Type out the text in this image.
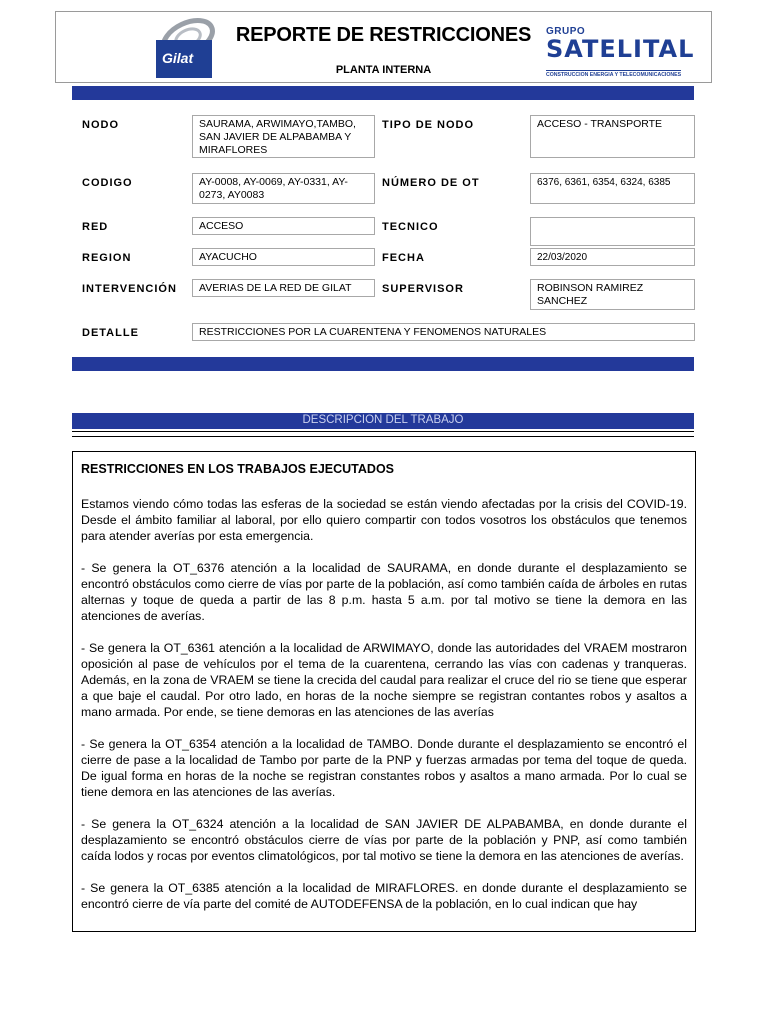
Gilat
REPORTE DE RESTRICCIONES
PLANTA INTERNA
GRUPO
SATELITAL
CONSTRUCCION ENERGIA Y TELECOMUNICACIONES
NODO	SAURAMA, ARWIMAYO,TAMBO, SAN JAVIER DE ALPABAMBA Y MIRAFLORES
TIPO DE NODO	ACCESO - TRANSPORTE
CODIGO	AY-0008, AY-0069, AY-0331, AY-0273, AY0083
NÚMERO DE OT	6376, 6361, 6354, 6324, 6385
RED	ACCESO	TECNICO
REGION	AYACUCHO	FECHA	22/03/2020
INTERVENCIÓN	AVERIAS DE LA RED DE GILAT	SUPERVISOR	ROBINSON RAMIREZ SANCHEZ
DETALLE	RESTRICCIONES POR LA CUARENTENA Y FENOMENOS NATURALES
DESCRIPCION DEL TRABAJO
RESTRICCIONES EN LOS TRABAJOS EJECUTADOS

Estamos viendo cómo todas las esferas de la sociedad se están viendo afectadas por la crisis del COVID-19. Desde el ámbito familiar al laboral, por ello quiero compartir con todos vosotros los obstáculos que tenemos para atender averías por esta emergencia.

- Se genera la OT_6376 atención a la localidad de SAURAMA, en donde durante el desplazamiento se encontró obstáculos como cierre de vías por parte de la población, así como también caída de árboles en rutas alternas y toque de queda a partir de las 8 p.m. hasta 5 a.m. por tal motivo se tiene la demora en las atenciones de averías.

- Se genera la OT_6361 atención a la localidad de ARWIMAYO, donde las autoridades del VRAEM mostraron oposición al pase de vehículos por el tema de la cuarentena, cerrando las vías con cadenas y tranqueras. Además, en la zona de VRAEM se tiene la crecida del caudal para realizar el cruce del rio se tiene que esperar a que baje el caudal. Por otro lado, en horas de la noche siempre se registran contantes robos y asaltos a mano armada. Por ende, se tiene demoras en las atenciones de las averías

- Se genera la OT_6354 atención a la localidad de TAMBO. Donde durante el desplazamiento se encontró el cierre de pase a la localidad de Tambo por parte de la PNP y fuerzas armadas por tema del toque de queda. De igual forma en horas de la noche se registran constantes robos y asaltos a mano armada. Por lo cual se tiene demora en las atenciones de las averías.

- Se genera la OT_6324 atención a la localidad de SAN JAVIER DE ALPABAMBA, en donde durante el desplazamiento se encontró obstáculos cierre de vías por parte de la población y PNP, así como también caída lodos y rocas por eventos climatológicos, por tal motivo se tiene la demora en las atenciones de averías.

- Se genera la OT_6385 atención a la localidad de MIRAFLORES. en donde durante el desplazamiento se encontró cierre de vía parte del comité de AUTODEFENSA de la población, en lo cual indican que hay
